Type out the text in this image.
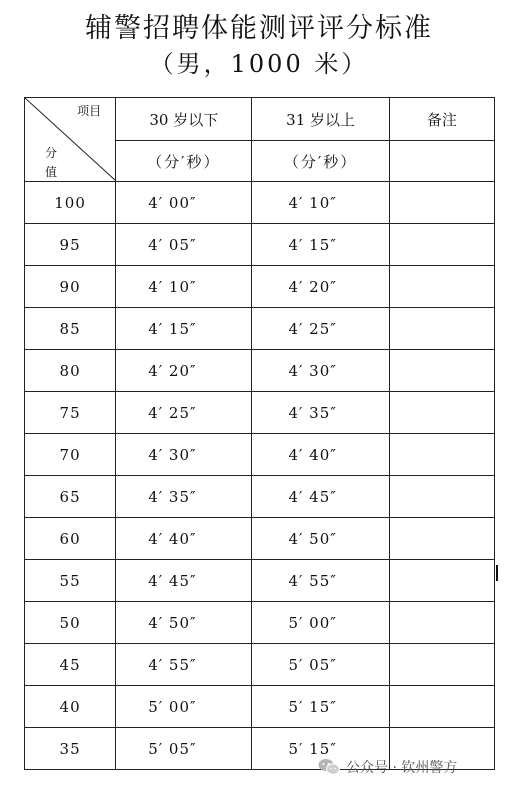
辅警招聘体能测评评分标准
（男，1000 米）
项目
分
值	30 岁以下	31 岁以上	备注
	（分′秒）	（分′秒）	
100	4′ 00″	4′ 10″	
95	4′ 05″	4′ 15″	
90	4′ 10″	4′ 20″	
85	4′ 15″	4′ 25″	
80	4′ 20″	4′ 30″	
75	4′ 25″	4′ 35″	
70	4′ 30″	4′ 40″	
65	4′ 35″	4′ 45″	
60	4′ 40″	4′ 50″	
55	4′ 45″	4′ 55″	
50	4′ 50″	5′ 00″	
45	4′ 55″	5′ 05″	
40	5′ 00″	5′ 15″	
35	5′ 05″	5′ 15″	
公众号 · 钦州警方
